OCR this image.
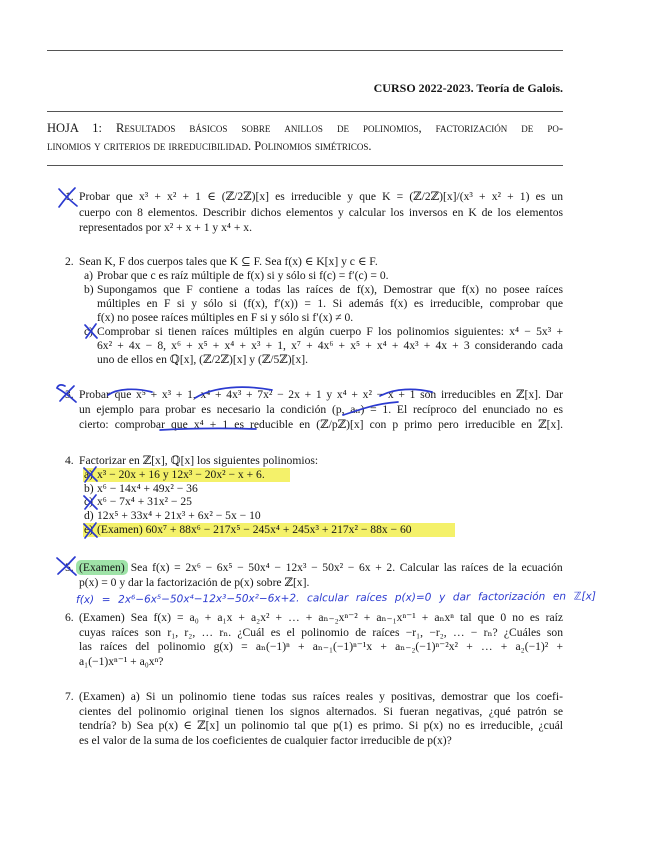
CURSO 2022-2023. Teoría de Galois.
HOJA 1: Resultados básicos sobre anillos de polinomios, factorización de po-
linomios y criterios de irreducibilidad. Polinomios simétricos.
1. Probar que x³ + x² + 1 ∈ (ℤ/2ℤ)[x] es irreducible y que K = (ℤ/2ℤ)[x]/(x³ + x² + 1) es un
cuerpo con 8 elementos. Describir dichos elementos y calcular los inversos en K de los elementos
representados por x² + x + 1 y x⁴ + x.
2. Sean K, F dos cuerpos tales que K ⊆ F. Sea f(x) ∈ K[x] y c ∈ F.
a) Probar que c es raíz múltiple de f(x) si y sólo si f(c) = f′(c) = 0.
b) Supongamos que F contiene a todas las raíces de f(x), Demostrar que f(x) no posee raíces
múltiples en F si y sólo si (f(x), f′(x)) = 1. Si además f(x) es irreducible, comprobar que
f(x) no posee raíces múltiples en F si y sólo si f′(x) ≠ 0.
c) Comprobar si tienen raíces múltiples en algún cuerpo F los polinomios siguientes: x⁴ − 5x³ +
6x² + 4x − 8, x⁶ + x⁵ + x⁴ + x³ + 1, x⁷ + 4x⁶ + x⁵ + x⁴ + 4x³ + 4x + 3 considerando cada
uno de ellos en ℚ[x], (ℤ/2ℤ)[x] y (ℤ/5ℤ)[x].
3. Probar que x⁵ + x³ + 1, x⁴ + 4x³ + 7x² − 2x + 1 y x⁴ + x² − x + 1 son irreducibles en ℤ[x]. Dar
un ejemplo para probar es necesario la condición (p, aₙ) = 1. El recíproco del enunciado no es
cierto: comprobar que x⁴ + 1 es reducible en (ℤ/pℤ)[x] con p primo pero irreducible en ℤ[x].
4. Factorizar en ℤ[x], ℚ[x] los siguientes polinomios:
a) x³ − 20x + 16 y 12x³ − 20x² − x + 6.
b) x⁶ − 14x⁴ + 49x² − 36
c) x⁶ − 7x⁴ + 31x² − 25
d) 12x⁵ + 33x⁴ + 21x³ + 6x² − 5x − 10
e) (Examen) 60x⁷ + 88x⁶ − 217x⁵ − 245x⁴ + 245x³ + 217x² − 88x − 60
5. (Examen) Sea f(x) = 2x⁶ − 6x⁵ − 50x⁴ − 12x³ − 50x² − 6x + 2. Calcular las raíces de la ecuación
p(x) = 0 y dar la factorización de p(x) sobre ℤ[x].
f(x) = 2x⁶−6x⁵−50x⁴−12x³−50x²−6x+2. calcular raíces p(x)=0 y dar factorización en ℤ[x]
6. (Examen) Sea f(x) = a₀ + a₁x + a₂x² + … + aₙ₋₂xⁿ⁻² + aₙ₋₁xⁿ⁻¹ + aₙxⁿ tal que 0 no es raíz
cuyas raíces son r₁, r₂, … rₙ. ¿Cuál es el polinomio de raíces −r₁, −r₂, … − rₙ? ¿Cuáles son
las raíces del polinomio g(x) = aₙ(−1)ⁿ + aₙ₋₁(−1)ⁿ⁻¹x + aₙ₋₂(−1)ⁿ⁻²x² + … + a₂(−1)² +
a₁(−1)xⁿ⁻¹ + a₀xⁿ?
7. (Examen) a) Si un polinomio tiene todas sus raíces reales y positivas, demostrar que los coefi-
cientes del polinomio original tienen los signos alternados. Si fueran negativas, ¿qué patrón se
tendría? b) Sea p(x) ∈ ℤ[x] un polinomio tal que p(1) es primo. Si p(x) no es irreducible, ¿cuál
es el valor de la suma de los coeficientes de cualquier factor irreducible de p(x)?
